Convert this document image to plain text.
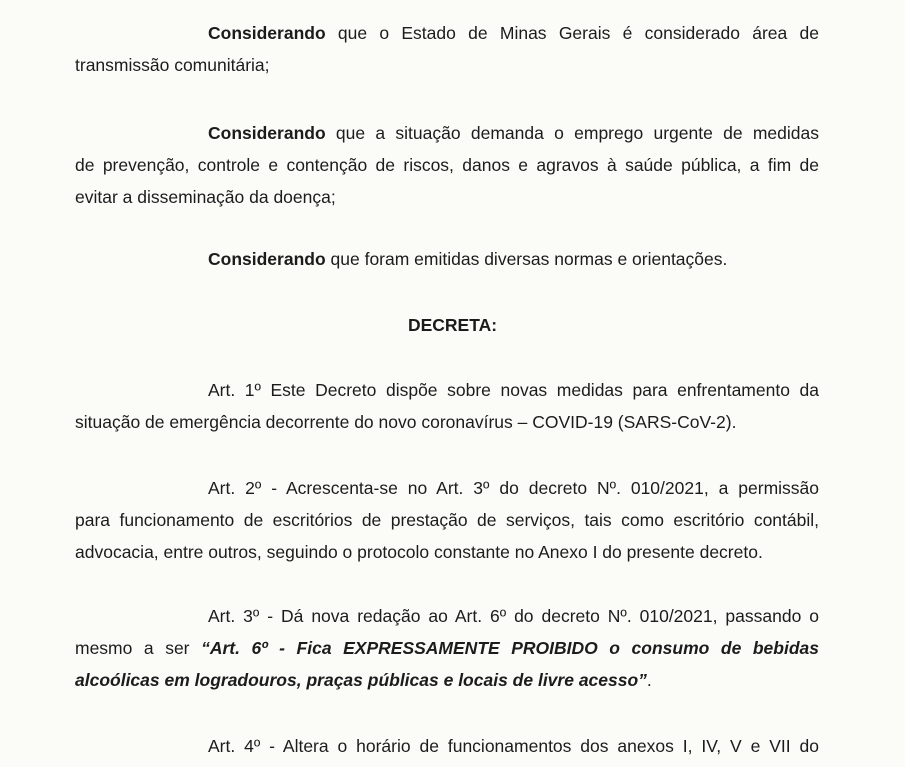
Considerando que o Estado de Minas Gerais é considerado área de
transmissão comunitária;
Considerando que a situação demanda o emprego urgente de medidas
de prevenção, controle e contenção de riscos, danos e agravos à saúde pública, a fim de
evitar a disseminação da doença;
Considerando que foram emitidas diversas normas e orientações.
DECRETA:
Art. 1º Este Decreto dispõe sobre novas medidas para enfrentamento da
situação de emergência decorrente do novo coronavírus – COVID-19 (SARS-CoV-2).
Art. 2º - Acrescenta-se no Art. 3º do decreto Nº. 010/2021, a permissão
para funcionamento de escritórios de prestação de serviços, tais como escritório contábil,
advocacia, entre outros, seguindo o protocolo constante no Anexo I do presente decreto.
Art. 3º - Dá nova redação ao Art. 6º do decreto Nº. 010/2021, passando o
mesmo a ser “Art. 6º - Fica EXPRESSAMENTE PROIBIDO o consumo de bebidas
alcoólicas em logradouros, praças públicas e locais de livre acesso”.
Art. 4º - Altera o horário de funcionamentos dos anexos I, IV, V e VII do
